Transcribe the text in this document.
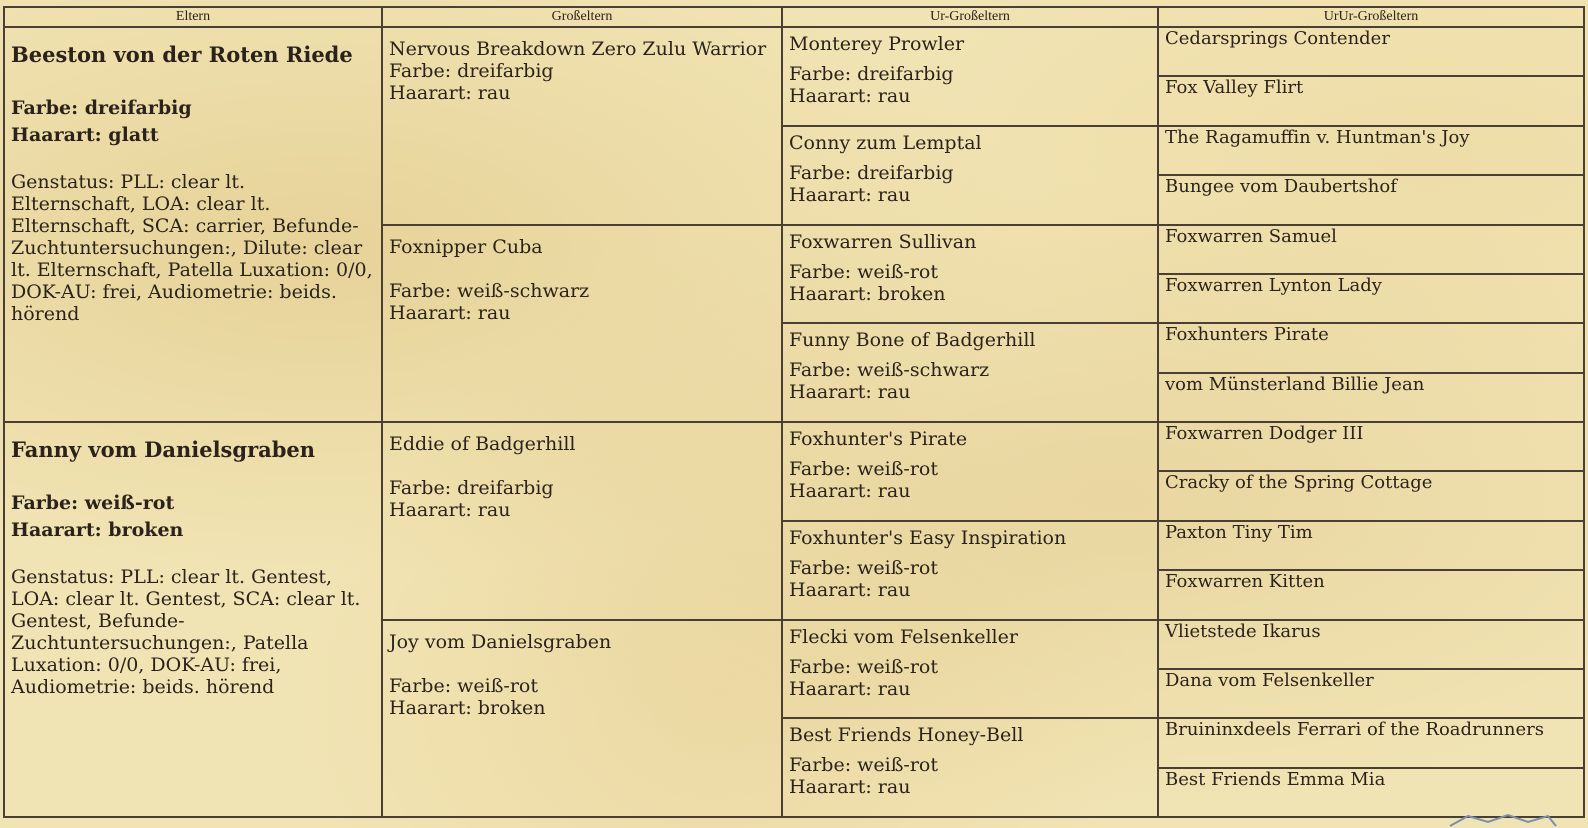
Eltern
Beeston von der Roten Riede
Farbe: dreifarbig
Haarart: glatt
Genstatus: PLL: clear lt. Elternschaft, LOA: clear lt. Elternschaft, SCA: carrier, Befunde-Zuchtuntersuchungen:, Dilute: clear lt. Elternschaft, Patella Luxation: 0/0, DOK-AU: frei, Audiometrie: beids. hörend
Fanny vom Danielsgraben
Farbe: weiß-rot
Haarart: broken
Genstatus: PLL: clear lt. Gentest, LOA: clear lt. Gentest, SCA: clear lt. Gentest, Befunde-Zuchtuntersuchungen:, Patella Luxation: 0/0, DOK-AU: frei, Audiometrie: beids. hörend
Großeltern
Nervous Breakdown Zero Zulu Warrior
Farbe: dreifarbig
Haarart: rau
Foxnipper Cuba
Farbe: weiß-schwarz
Haarart: rau
Eddie of Badgerhill
Farbe: dreifarbig
Haarart: rau
Joy vom Danielsgraben
Farbe: weiß-rot
Haarart: broken
Ur-Großeltern
Monterey Prowler
Farbe: dreifarbig
Haarart: rau
Conny zum Lemptal
Farbe: dreifarbig
Haarart: rau
Foxwarren Sullivan
Farbe: weiß-rot
Haarart: broken
Funny Bone of Badgerhill
Farbe: weiß-schwarz
Haarart: rau
Foxhunter's Pirate
Farbe: weiß-rot
Haarart: rau
Foxhunter's Easy Inspiration
Farbe: weiß-rot
Haarart: rau
Flecki vom Felsenkeller
Farbe: weiß-rot
Haarart: rau
Best Friends Honey-Bell
Farbe: weiß-rot
Haarart: rau
UrUr-Großeltern
Cedarsprings Contender
Fox Valley Flirt
The Ragamuffin v. Huntman's Joy
Bungee vom Daubertshof
Foxwarren Samuel
Foxwarren Lynton Lady
Foxhunters Pirate
vom Münsterland Billie Jean
Foxwarren Dodger III
Cracky of the Spring Cottage
Paxton Tiny Tim
Foxwarren Kitten
Vlietstede Ikarus
Dana vom Felsenkeller
Bruininxdeels Ferrari of the Roadrunners
Best Friends Emma Mia
